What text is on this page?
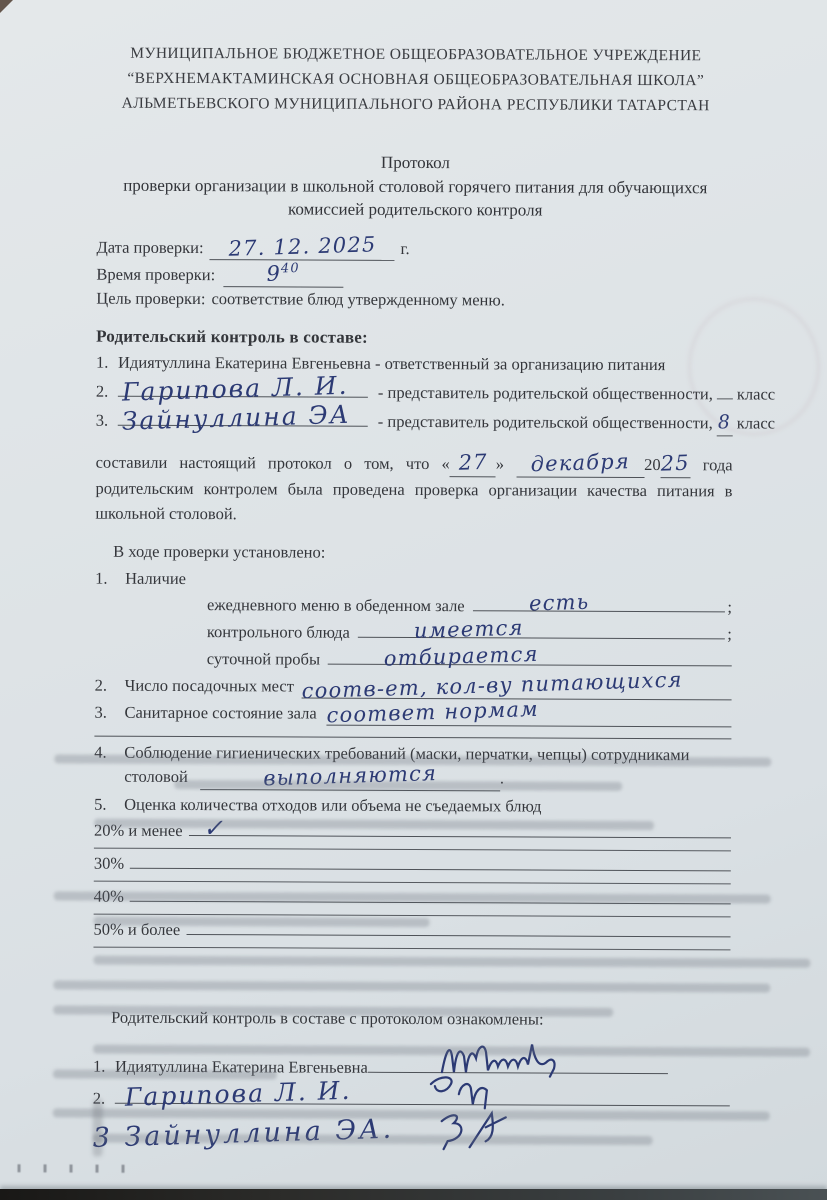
МУНИЦИПАЛЬНОЕ БЮДЖЕТНОЕ ОБЩЕОБРАЗОВАТЕЛЬНОЕ УЧРЕЖДЕНИЕ
“ВЕРХНЕМАКТАМИНСКАЯ ОСНОВНАЯ ОБЩЕОБРАЗОВАТЕЛЬНАЯ ШКОЛА”
АЛЬМЕТЬЕВСКОГО МУНИЦИПАЛЬНОГО РАЙОНА РЕСПУБЛИКИ ТАТАРСТАН
Протокол
проверки организации в школьной столовой горячего питания для обучающихся
комиссией родительского контроля
Дата проверки:	27. 12. 2025	г.
Время проверки:	$9^{40}$
Цель проверки: соответствие блюд утвержденному меню.
Родительский контроль в составе:
1. Идиятуллина Екатерина Евгеньевна - ответственный за организацию питания
2. Гарипова Л. И. - представитель родительской общественности, класс
3. Зайнуллина ЭА - представитель родительской общественности, 8 класс

составили настоящий протокол о том, что « 27 » декабря 2025 года родительским контролем была проведена проверка организации качества питания в школьной столовой.

В ходе проверки установлено:
1.	Наличие
ежедневного меню в обеденном зале	есть	;
контрольного блюда	имеется	;
суточной пробы	отбирается
2.	Число посадочных мест соотв-ет, кол-ву питающихся
3.	Санитарное состояние зала соответ нормам
4.	Соблюдение гигиенических требований (маски, перчатки, чепцы) сотрудниками
столовой	выполняются	.
5.	Оценка количества отходов или объема не съедаемых блюд
20% и менее ✓
30%
40%
50% и более
Родительский контроль в составе с протоколом ознакомлены:
1. Идиятуллина Екатерина Евгеньевна
2. Гарипова Л. И.
3 Зайнуллина ЭА.
